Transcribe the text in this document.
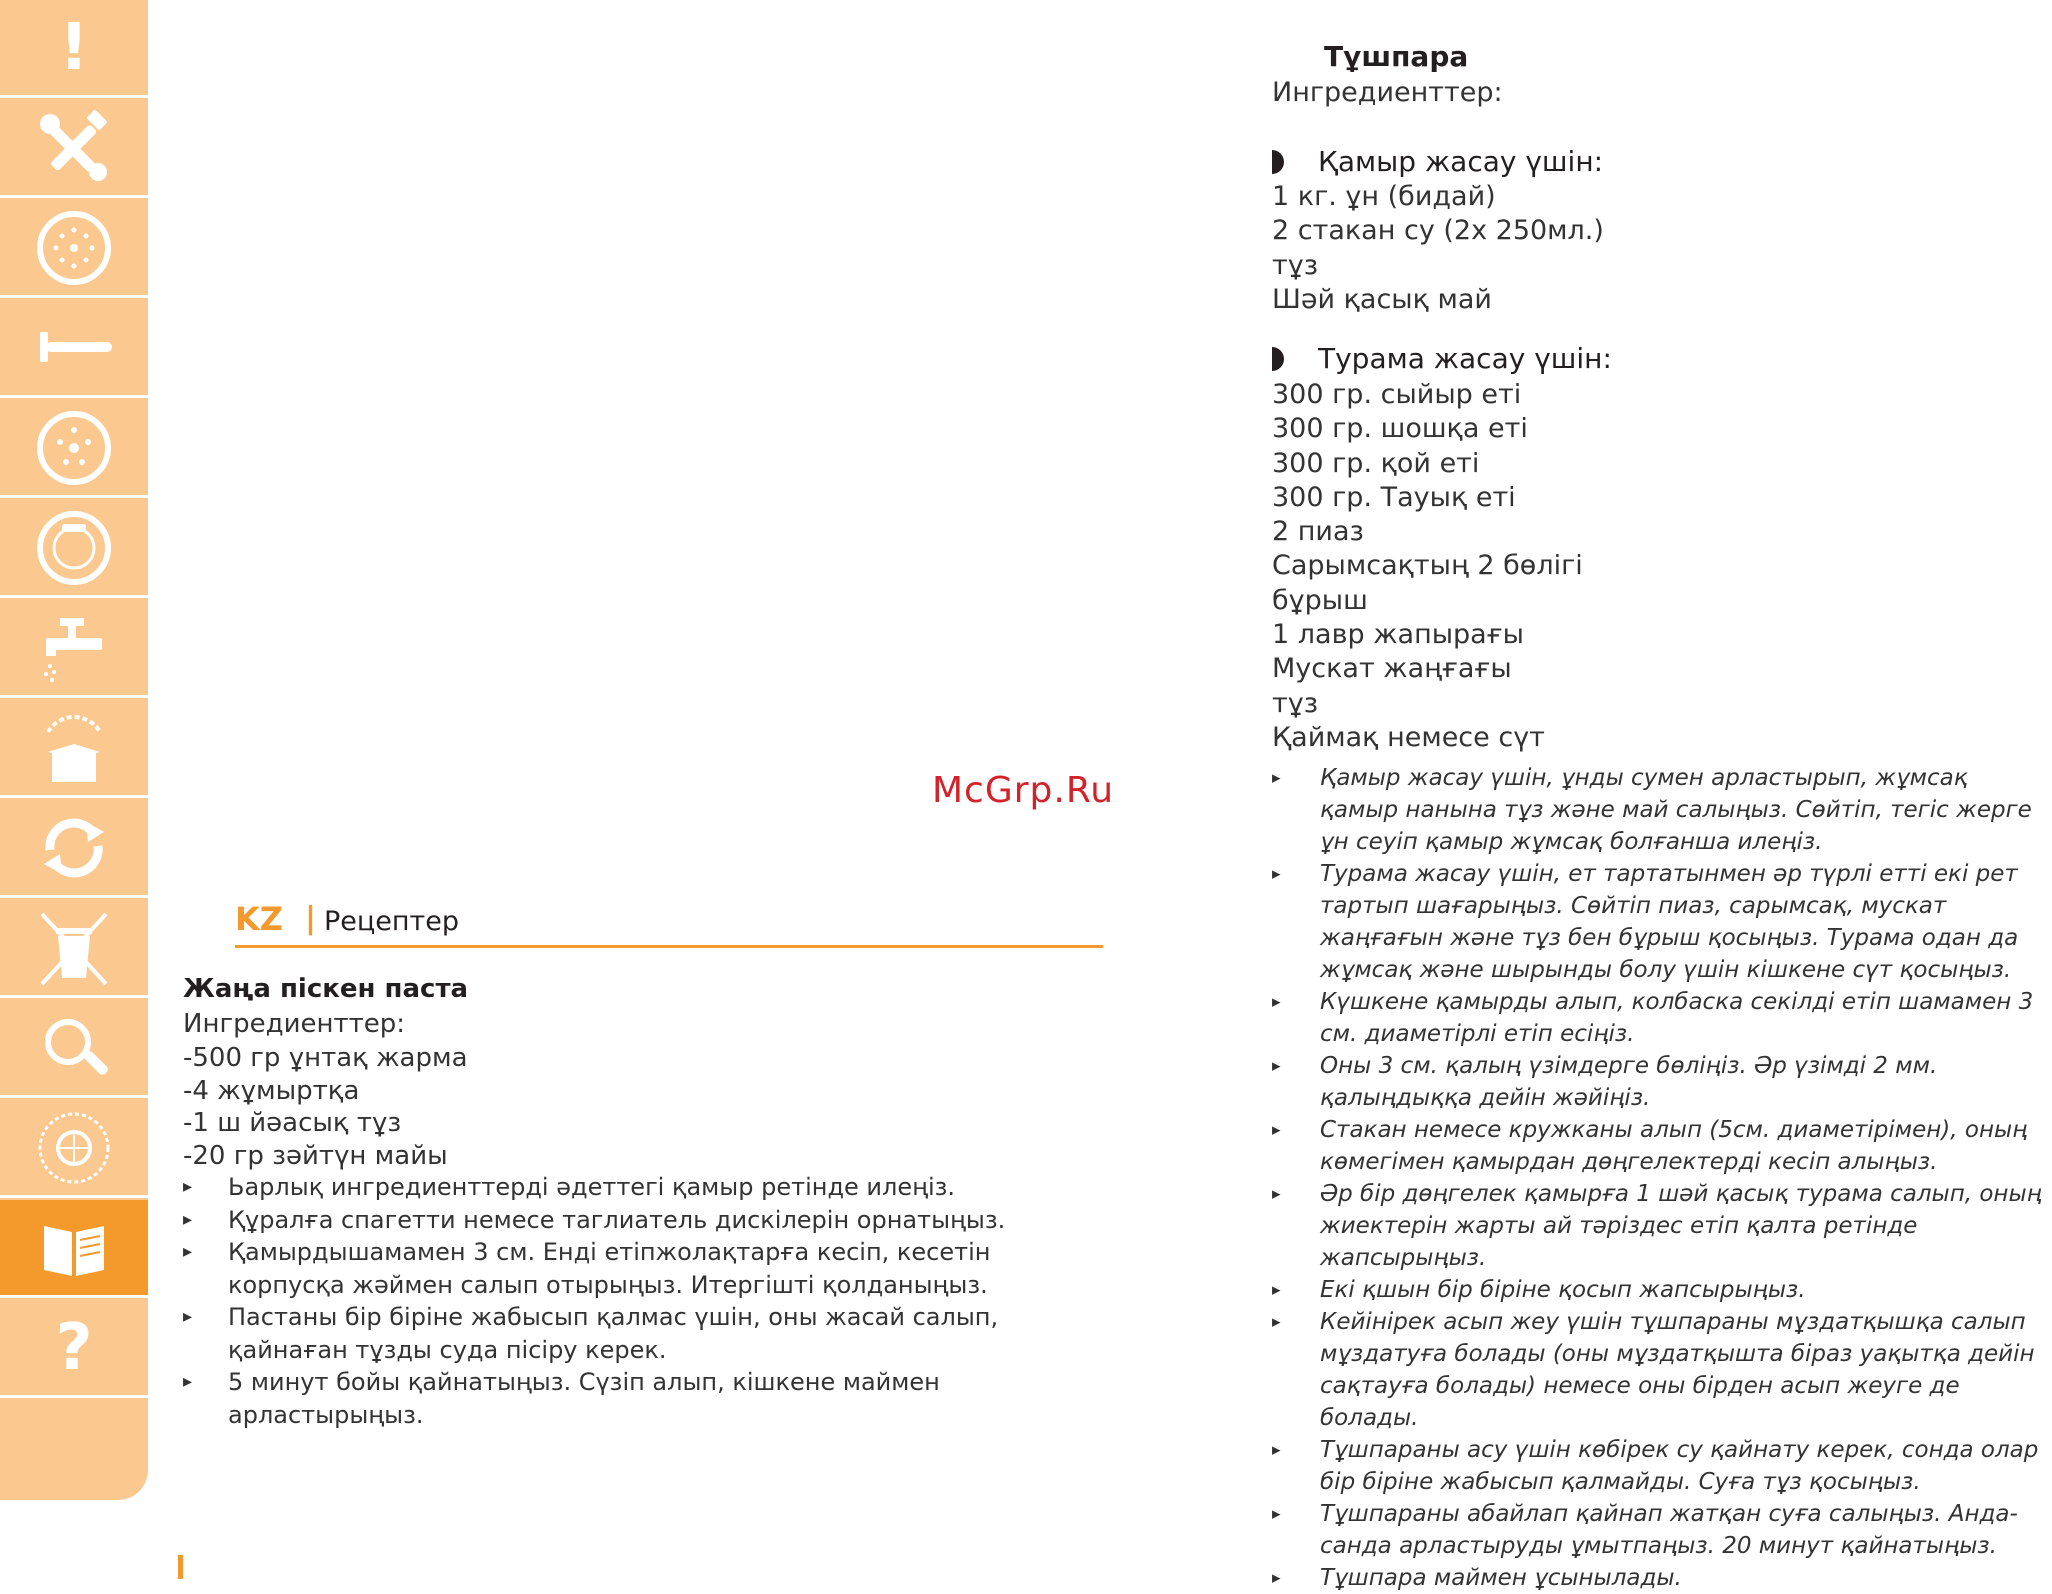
!
?
McGrp.Ru
KZ | Рецептер
Жаңа піскен паста
Ингредиенттер:
-500 гр ұнтақ жарма
-4 жұмыртқа
-1 ш йәасық тұз
-20 гр зәйтүн майы
▸ Ьарлық ингредиенттерді әдеттегі қамыр ретінде илеңіз.
▸ Құралға спагетти немесе таглиатель дискілерін орнатыңыз.
▸ Қамырдышамамен 3 см. Енді етіпжолақтарға кесіп, кесетін корпусқа жәймен салып отырыңыз. Итергішті қолданыңыз.
▸ Пастаны бір біріне жабысып қалмас үшін, оны жасай салып, қайнаған тұзды суда пісіру керек.
▸ 5 минут бойы қайнатыңыз. Сүзіп алып, кішкене маймен арластырыңыз.
Тұшпара
Ингредиенттер:
Қамыр жасау үшін:
1 кг. ұн (бидай)
2 стакан су (2x 250мл.)
тұз
Шәй қасық май
Турама жасау үшін:
300 гр. сыйыр еті
300 гр. шошқа еті
300 гр. қой еті
300 гр. Тауық еті
2 пиаз
Сарымсақтың 2 бөлігі
бұрыш
1 лавр жапырағы
Мускат жаңғағы
тұз
Қаймақ немесе сүт
▸ Қамыр жасау үшін, ұнды сумен арластырып, жұмсақ қамыр нанына тұз және май салыңыз. Сөйтіп, тегіс жерге ұн сеуіп қамыр жұмсақ болғанша илеңіз.
▸ Турама жасау үшін, ет тартатынмен әр түрлі етті екі рет тартып шағарыңыз. Сөйтіп пиаз, сарымсақ, мускат жаңғағын және тұз бен бұрыш қосыңыз. Турама одан да жұмсақ және шырынды болу үшін кішкене сүт қосыңыз.
▸ Күшкене қамырды алып, колбаска секілді етіп шамамен 3 см. диаметірлі етіп есіңіз.
▸ Оны 3 см. қалың үзімдерге бөліңіз. Әр үзімді 2 мм. қалыңдыққа дейін жәйіңіз.
▸ Стакан немесе кружканы алып (5см. диаметірімен), оның көмегімен қамырдан дөңгелектерді кесіп алыңыз.
▸ Әр бір дөңгелек қамырға 1 шәй қасық турама салып, оның жиектерін жарты ай тәріздес етіп қалта ретінде жапсырыңыз.
▸ Екі қшын бір біріне қосып жапсырыңыз.
▸ Кейінірек асып жеу үшін тұшпараны мұздатқышқа салып мұздатуға болады (оны мұздатқышта біраз уақытқа дейін сақтауға болады) немесе оны бірден асып жеуге де болады.
▸ Тұшпараны асу үшін көбірек су қайнату керек, сонда олар бір біріне жабысып қалмайды. Суға тұз қосыңыз.
▸ Тұшпараны абайлап қайнап жатқан суға салыңыз. Анда-санда арластыруды ұмытпаңыз. 20 минут қайнатыңыз.
▸ Тұшпара маймен ұсынылады.
